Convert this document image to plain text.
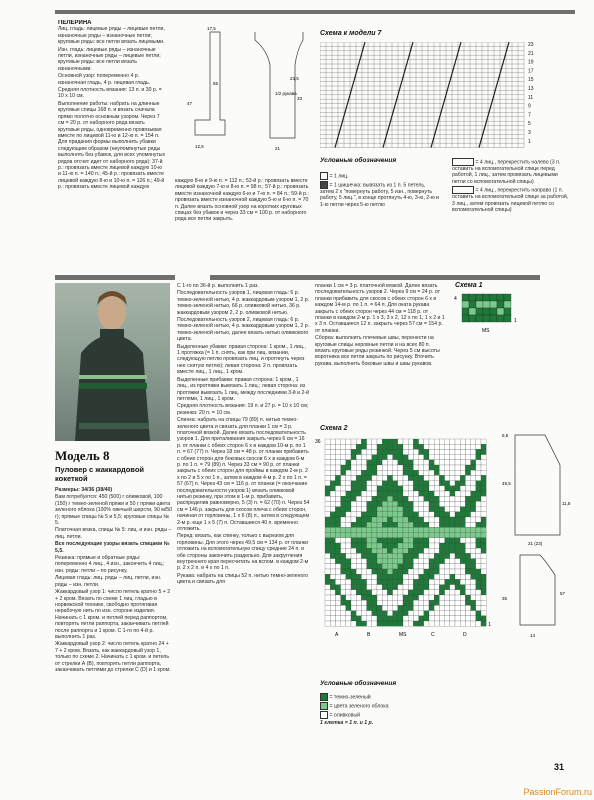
ПЕЛЕРИНА

Лиц. гладь: лицевые ряды – лицевые петли, изнаночные ряды – изнаночные петли; круговые ряды: все петли вязать лицевыми.

Изн. гладь: лицевые ряды – изнаночные петли, изнаночные ряды – лицевые петли; круговые ряды: все петли вязать изнаночными.

Основной узор: попеременно 4 р. изнаночная гладь, 4 р. лицевая гладь.

Средняя плотность вязания: 13 п. и 30 р. = 10 х 10 см.

Выполнение работы: набрать на длинные круговые спицы 168 п. и вязать сначала прямо полотно основным узором. Через 7 см = 20 р. от наборного ряда вязать круговые ряды, одновременно провязывая вместе по лицевой 11-ю и 12-ю п. = 154 п. Для придания формы выполнить убавки следующим образом (неупомянутые ряды выполнять без убавок, для всех упомянутых рядов отсчет идет от наборного ряда): 37-й р.: провязать вместе лицевой каждую 10-ю и 11-ю п. = 140 п.; 45-й р.: провязать вместе лицевой каждую 8-ю и 10-ю п. = 126 п.; 49-й р.: провязать вместе лицевой каждую

каждую 8-ю и 9-ю п. = 112 п.; 53-й р.: провязать вместе лицевой каждую 7-ю и 8-ю п. = 98 п.; 57-й р.: провязать вместе изнаночной каждую 6-ю и 7-ю п. = 84 п.; 59-й р.: провязать вместе изнаночной каждую 5-ю и 6-ю п. = 70 п. Далее вязать основной узор на коротких круговых спицах без убавок и через 33 см = 100 р. от наборного ряда все петли закрыть.

17,5
47
55
1/2 рукава
33
21
12,5
23,5
Схема к модели 7
23
21
19
17
15
13
11
9
7
5
3
1
Условные обозначения

= 1 лиц.

= 1 шишечка: вывязать из 1 п. 5 петель, затем 2 х "повернуть работу, 5 изн., повернуть работу, 5 лиц.", в конце протянуть 4-ю, 3-ю, 2-ю и 1-ю петли через 5-ю петлю

= 4 лиц., перекрестить налево (3 п. оставить на вспомогательной спице перед работой, 1 лиц., затем провязать лицевыми петли со вспомогательной спицы)

= 4 лиц., перекрестить направо (1 п. оставить на вспомогательной спице за работой, 3 лиц., затем провязать лицевой петлю со вспомогательной спицы)

Модель 8
Пуловер с жаккардовой кокеткой

Размеры: 34/36 (38/40)

Вам потребуется: 450 (500) г оливковой, 100 (150) г темно-зеленой пряжи и 50 г пряжи цвета зеленого яблока (100% овечьей шерсти, 90 м/50 г); прямые спицы № 5 и 5,5; круговые спицы № 5.

Платочная вязка, спицы № 5: лиц. и изн. ряды – лиц. петли.

Все последующие узоры вязать спицами № 5,5.

Резинка: прямые и обратные ряды: попеременно 4 лиц., 4 изн., закончить 4 лиц.; изн. ряды: петли – по рисунку.

Лицевая гладь: лиц. ряды – лиц. петли, изн. ряды – изн. петли.

Жаккардовый узор 1: число петель кратно 5 + 2 + 2 кром. Вязать по схеме 1 лиц. гладью в норвежской технике, свободно протягивая нерабочую нить по изн. стороне изделия. Начинать с 1 кром. и петлей перед раппортом, повторять петли раппорта, заканчивать петлей после раппорта и 1 кром. С 1-го по 4-й р. выполнить 1 раз.

Жаккардовый узор 2: число петель кратно 24 + 7 + 2 кром. Вязать, как жаккардовый узор 1, только по схеме 2. Начинать с 1 кром. и петель от стрелки А (В), повторять петли раппорта, заканчивать петлями до стрелки С (D) и 1 кром.

С 1-го по 36-й р. выполнить 1 раз.

Последовательность узоров 1, лицевая гладь: 6 р. темно-зеленой нитью, 4 р. жаккардовым узором 1, 2 р. темно-зеленой нитью, 66 р. оливковой нитью, 36 р. жаккардовым узором 2, 2 р. оливковой нитью.

Последовательность узоров 2, лицевая гладь: 6 р. темно-зеленой нитью, 4 р. жаккардовым узором 1, 2 р. темно-зеленой нитью, далее вязать нитью оливкового цвета.

Выделенные убавки: правая сторона: 1 кром., 1 лиц., 1 протяжка (= 1 п. снять, как при лиц. вязании, следующую петлю провязать лиц. и протянуть через нее снятую петлю); левая сторона: 2 п. провязать вместе лиц., 1 лиц., 1 кром.

Выделенные прибавки: правая сторона: 1 кром., 1 лиц., из протяжки вывязать 1 лиц.; левая сторона: из протяжки вывязать 1 лиц. между последними 3-й и 2-й петлями, 1 лиц., 1 кром.

Средняя плотность вязания: 19 п. и 27 р. = 10 х 10 см; резинка: 20 п. = 10 см.

Спинка: набрать на спицы 79 (89) п. нитью темно-зеленого цвета и связать для планки 1 см = 3 р. платочной вязкой. Далее вязать последовательность узоров 1. Для приталивания закрыть через 6 см = 16 р. от планки с обеих сторон 6 х в каждом 10-м р. по 1 п. = 67 (77) п. Через 18 см = 48 р. от планки прибавить с обеих сторон для боковых скосов 6 х в каждом 6-м р. по 1 п. = 79 (89) п. Через 33 см = 90 р. от планки закрыть с обеих сторон для проймы в каждом 2-м р. 2 х по 2 и 5 х по 1 п., затем в каждом 4-м р. 2 х по 1 п. = 57 (67) п. Через 43 см = 116 р. от планки (= окончание последовательности узоров 1) вязать оливковой нитью резинку, при этом в 1-м р. прибавить, распределив равномерно, 5 (3) п. = 62 (70) п. Через 54 см = 146 р. закрыть для скосов плеча с обеих сторон, начиная от горловины, 1 х 6 (8) п., затем в следующем 2-м р. еще 1 х 5 (7) п. Оставшиеся 40 п. временно отложить.

Перед: вязать, как спинку, только с вырезом для горловины. Для этого через 49,5 см = 134 р. от планки отложить на вспомогательную спицу средние 24 п. и обе стороны закончить раздельно. Для закругления внутреннего края пересчитать на вспом. в каждом 2-м р. 2 х 2 п. и 4 х по 1 п.

Рукава: набрать на спицы 52 п. нитью темно-зеленого цвета и связать для

планки 1 см = 3 р. платочной вязкой. Далее вязать последовательность узоров 2. Через 9 см = 24 р. от планки прибавить для скосов с обеих сторон 6 х в каждом 14-м р. по 1 п. = 64 п. Для оката рукава закрыть с обеих сторон через 44 см = 118 р. от планки в каждом 2-м р. 1 х 3, 3 х 2, 12 х по 1, 1 х 2 и 1 х 3 п. Оставшиеся 12 п. закрыть через 57 см = 154 р. от планки.

Сборка: выполнить плечевые швы, перенести на круговые спицы неровные петли и на всех 80 п. вязать круговые ряды резинкой. Через 5 см высоты воротника все петли закрыть по рисунку. Вточить рукава, выполнить боковые швы и швы рукавов.

Схема 1
4
1
MS
Схема 2
36
1
A	B	MS	C	D
Условные обозначения

= темно-зеленый

= цвета зеленого яблока

= оливковый

1 клетка = 1 п. и 1 р.

5,5
49,5
21 (23)
11,5
35
57
14
31
PassionForum.ru
